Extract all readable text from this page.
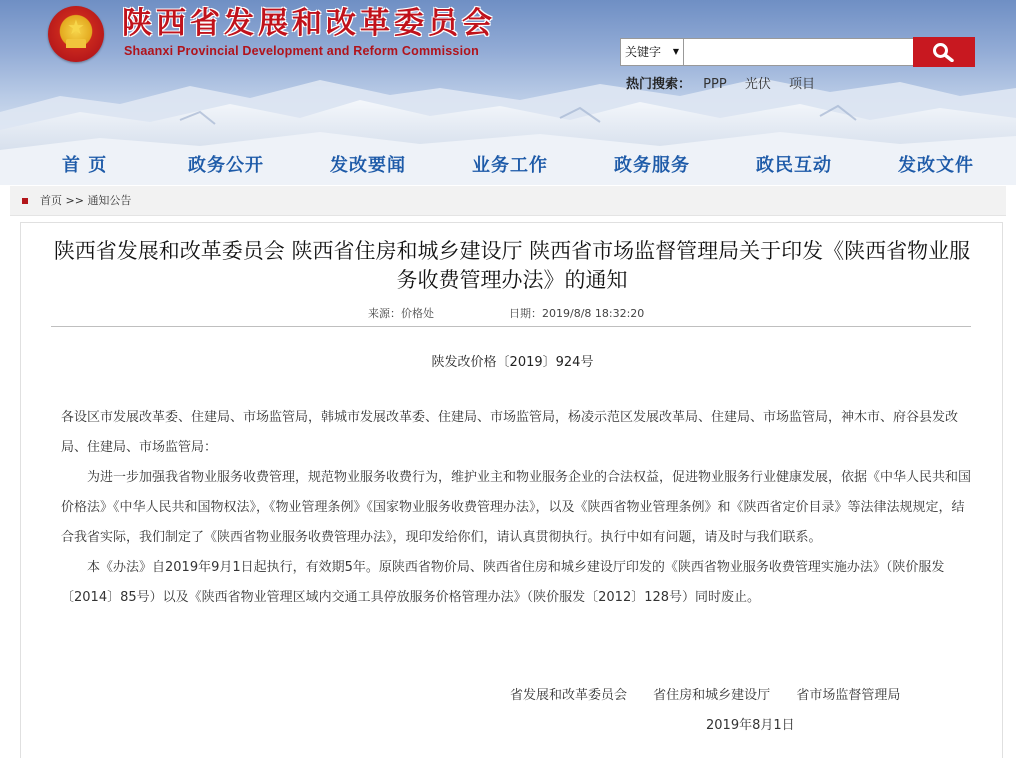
★	陕西省发展和改革委员会
Shaanxi Provincial Development and Reform Commission	关键字 ▼
热门搜索： PPP 光伏 项目
首 页	政务公开	发改要闻	业务工作	政务服务	政民互动	发改文件
首页 >> 通知公告
陕西省发展和改革委员会 陕西省住房和城乡建设厅 陕西省市场监督管理局关于印发《陕西省物业服务收费管理办法》的通知
来源：价格处	日期：2019/8/8 18:32:20
陕发改价格〔2019〕924号

各设区市发展改革委、住建局、市场监管局，韩城市发展改革委、住建局、市场监管局，杨凌示范区发展改革局、住建局、市场监管局，神木市、府谷县发改局、住建局、市场监管局：

为进一步加强我省物业服务收费管理，规范物业服务收费行为，维护业主和物业服务企业的合法权益，促进物业服务行业健康发展，依据《中华人民共和国价格法》《中华人民共和国物权法》，《物业管理条例》《国家物业服务收费管理办法》，以及《陕西省物业管理条例》和《陕西省定价目录》等法律法规规定，结合我省实际，我们制定了《陕西省物业服务收费管理办法》，现印发给你们，请认真贯彻执行。执行中如有问题，请及时与我们联系。

本《办法》自2019年9月1日起执行，有效期5年。原陕西省物价局、陕西省住房和城乡建设厅印发的《陕西省物业服务收费管理实施办法》（陕价服发〔2014〕85号）以及《陕西省物业管理区域内交通工具停放服务价格管理办法》（陕价服发〔2012〕128号）同时废止。

省发展和改革委员会 省住房和城乡建设厅 省市场监督管理局
2019年8月1日
